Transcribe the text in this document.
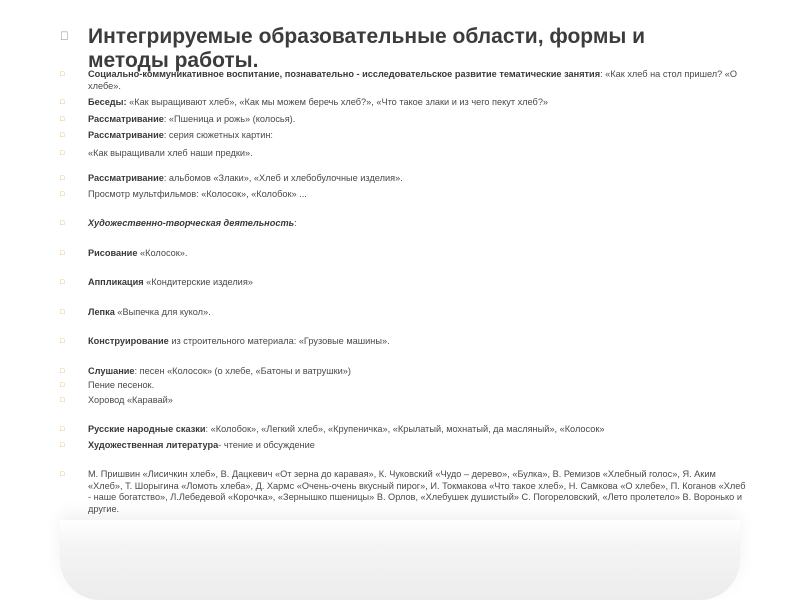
Интегрируемые образовательные области, формы и методы работы.
□	Социально-коммуникативное воспитание, познавательно - исследовательское развитие тематические занятия: «Как хлеб на стол пришел? «О хлебе».
□	Беседы: «Как выращивают хлеб», «Как мы можем беречь хлеб?», «Что такое злаки и из чего пекут хлеб?»
□	Рассматривание: «Пшеница и рожь» (колосья).
□	Рассматривание: серия сюжетных картин:
□	«Как выращивали хлеб наши предки».
□	Рассматривание: альбомов «Злаки», «Хлеб и хлебобулочные изделия».
□	Просмотр мультфильмов: «Колосок», «Колобок» ...
□	Художественно-творческая деятельность:
□	Рисование «Колосок».
□	Аппликация «Кондитерские изделия»
□	Лепка «Выпечка для кукол».
□	Конструирование из строительного материала: «Грузовые машины».
□	Слушание: песен «Колосок» (о хлебе, «Батоны и ватрушки»)
□	Пение песенок.
□	Хоровод «Каравай»
□	Русские народные сказки: «Колобок», «Легкий хлеб», «Крупеничка», «Крылатый, мохнатый, да масляный», «Колосок»
□	Художественная литература- чтение и обсуждение
□	М. Пришвин «Лисичкин хлеб», В. Дацкевич «От зерна до каравая», К. Чуковский «Чудо – дерево», «Булка», В. Ремизов «Хлебный голос», Я. Аким «Хлеб», Т. Шорыгина «Ломоть хлеба», Д. Хармс «Очень-очень вкусный пирог», И. Токмакова «Что такое хлеб», Н. Самкова «О хлебе», П. Коганов «Хлеб - наше богатство», Л.Лебедевой «Корочка», «Зернышко пшеницы» В. Орлов, «Хлебушек душистый» С. Погореловский, «Лето пролетело» В. Воронько и другие.
